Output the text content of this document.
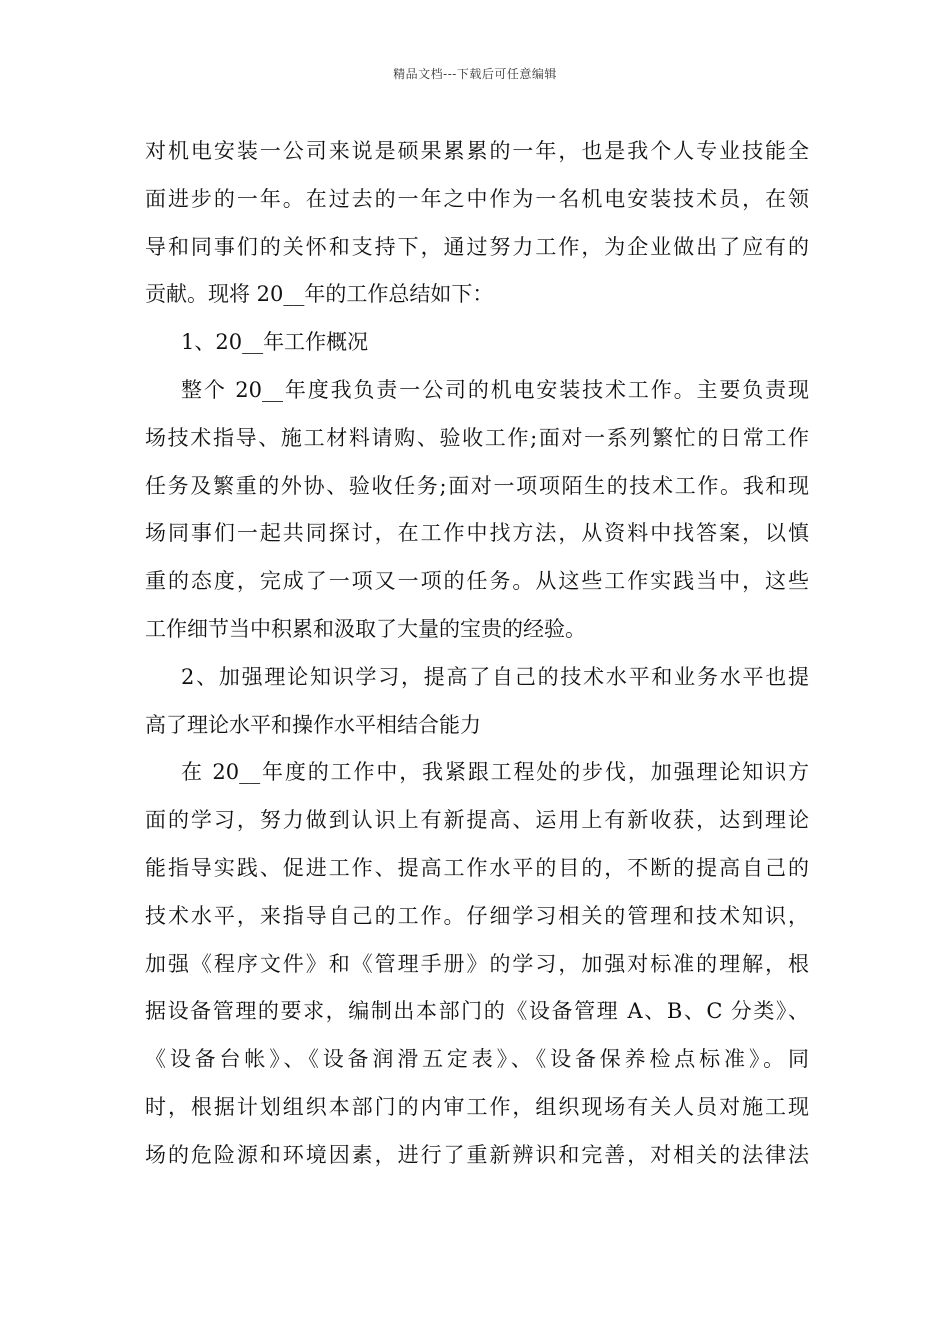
精品文档---下载后可任意编辑
对机电安装一公司来说是硕果累累的一年，也是我个人专业技能全
面进步的一年。在过去的一年之中作为一名机电安装技术员，在领
导和同事们的关怀和支持下，通过努力工作，为企业做出了应有的
贡献。现将 20__年的工作总结如下：
1、20__年工作概况
整个 20__年度我负责一公司的机电安装技术工作。主要负责现
场技术指导、施工材料请购、验收工作;面对一系列繁忙的日常工作
任务及繁重的外协、验收任务;面对一项项陌生的技术工作。我和现
场同事们一起共同探讨，在工作中找方法，从资料中找答案，以慎
重的态度，完成了一项又一项的任务。从这些工作实践当中，这些
工作细节当中积累和汲取了大量的宝贵的经验。
2、加强理论知识学习，提高了自己的技术水平和业务水平也提
高了理论水平和操作水平相结合能力
在 20__年度的工作中，我紧跟工程处的步伐，加强理论知识方
面的学习，努力做到认识上有新提高、运用上有新收获，达到理论
能指导实践、促进工作、提高工作水平的目的，不断的提高自己的
技术水平，来指导自己的工作。仔细学习相关的管理和技术知识，
加强《程序文件》和《管理手册》的学习，加强对标准的理解，根
据设备管理的要求，编制出本部门的《设备管理 A、B、C 分类》、
《设备台帐》、《设备润滑五定表》、《设备保养检点标准》。同
时，根据计划组织本部门的内审工作，组织现场有关人员对施工现
场的危险源和环境因素，进行了重新辨识和完善，对相关的法律法
